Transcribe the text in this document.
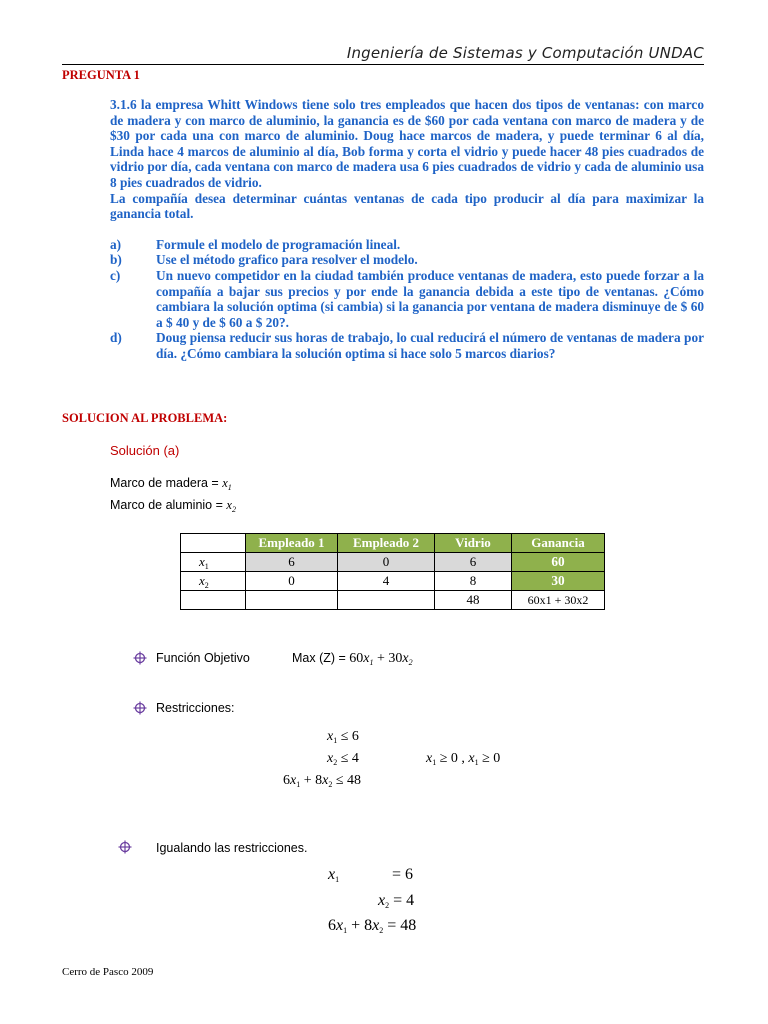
Ingeniería de Sistemas y Computación UNDAC
PREGUNTA 1

3.1.6 la empresa Whitt Windows tiene solo tres empleados que hacen dos tipos de ventanas: con marco de madera y con marco de aluminio, la ganancia es de $60 por cada ventana con marco de madera y de $30 por cada una con marco de aluminio. Doug hace marcos de madera, y puede terminar 6 al día, Linda hace 4 marcos de aluminio al día, Bob forma y corta el vidrio y puede hacer 48 pies cuadrados de vidrio por día, cada ventana con marco de madera usa 6 pies cuadrados de vidrio y cada de aluminio usa 8 pies cuadrados de vidrio.

La compañía desea determinar cuántas ventanas de cada tipo producir al día para maximizar la ganancia total.

a)	Formule el modelo de programación lineal.

b)	Use el método grafico para resolver el modelo.

c)	Un nuevo competidor en la ciudad también produce ventanas de madera, esto puede forzar a la compañía a bajar sus precios y por ende la ganancia debida a este tipo de ventanas. ¿Cómo cambiara la solución optima (si cambia) si la ganancia por ventana de madera disminuye de $ 60 a $ 40 y de $ 60 a $ 20?.

d)	Doug piensa reducir sus horas de trabajo, lo cual reducirá el número de ventanas de madera por día. ¿Cómo cambiara la solución optima si hace solo 5 marcos diarios?

SOLUCION AL PROBLEMA:
Solución (a)
Marco de madera = $x_1$
Marco de aluminio = $x_2$
	Empleado 1	Empleado 2	Vidrio	Ganancia
$x_1$	6	0	6	60
$x_2$	0	4	8	30
			48	60x1 + 30x2
Función Objetivo	Max $(Z) = 60x_1 + 30x_2$
Restricciones:
$x_1 \le 6$
$x_2 \le 4$	$x_1 \ge 0$ , $x_1 \ge 0$
$6x_1 + 8x_2 \le 48$
Igualando las restricciones.
$x_1$	= 6
$x_2 = 4$
$6x_1 + 8x_2 = 48$
Cerro de Pasco 2009
